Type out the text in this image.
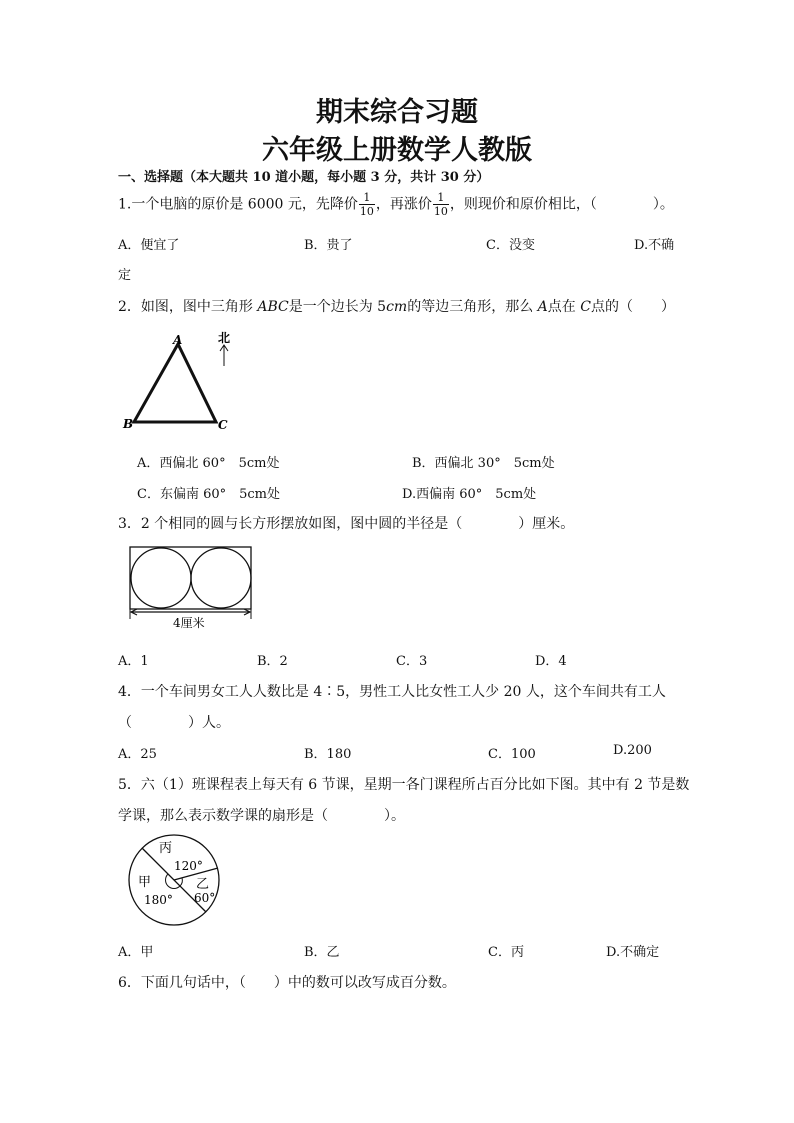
期末综合习题
六年级上册数学人教版
一、选择题（本大题共 10 道小题，每小题 3 分，共计 30 分）
1.一个电脑的原价是 6000 元，先降价 $\frac{1}{10}$ ，再涨价 $\frac{1}{10}$ ，则现价和原价相比，（　　　　）。
A．便宜了	B．贵了	C．没变	D.不确
定
2．如图，图中三角形 ABC是一个边长为 5cm的等边三角形，那么 A点在 C点的（　　）
A
B	C
北
A．西偏北 60°　5cm处	B．西偏北 30°　5cm处
C．东偏南 60°　5cm处	D.西偏南 60°　5cm处
3．2 个相同的圆与长方形摆放如图，图中圆的半径是（　　　　）厘米。
4厘米
A．1	B．2	C．3	D．4
4．一个车间男女工人人数比是 4∶5，男性工人比女性工人少 20 人，这个车间共有工人
（　　　　）人。
A．25	B．180	C．100	D.200
5．六（1）班课程表上每天有 6 节课，星期一各门课程所占百分比如下图。其中有 2 节是数
学课，那么表示数学课的扇形是（　　　　）。
丙
120°
甲	乙
180° 60°
A．甲	B．乙	C．丙	D.不确定
6．下面几句话中，（　　）中的数可以改写成百分数。
